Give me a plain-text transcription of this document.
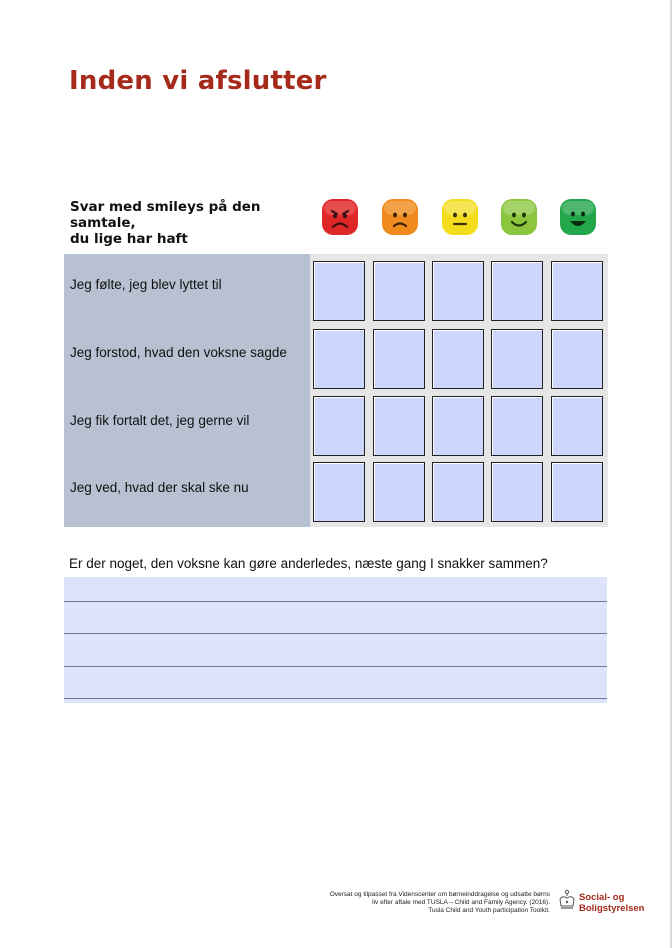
Inden vi afslutter
Svar med smileys på den samtale,
du lige har haft
Jeg følte, jeg blev lyttet til
Jeg forstod, hvad den voksne sagde
Jeg fik fortalt det, jeg gerne vil
Jeg ved, hvad der skal ske nu
Er der noget, den voksne kan gøre anderledes, næste gang I snakker sammen?
Oversat og tilpasset fra Videnscenter om børneinddragelse og udsatte børns
liv efter aftale med TUSLA – Child and Family Agency. (2016).
Tusla Child and Youth participation Toolkit.
Social- og
Boligstyrelsen
